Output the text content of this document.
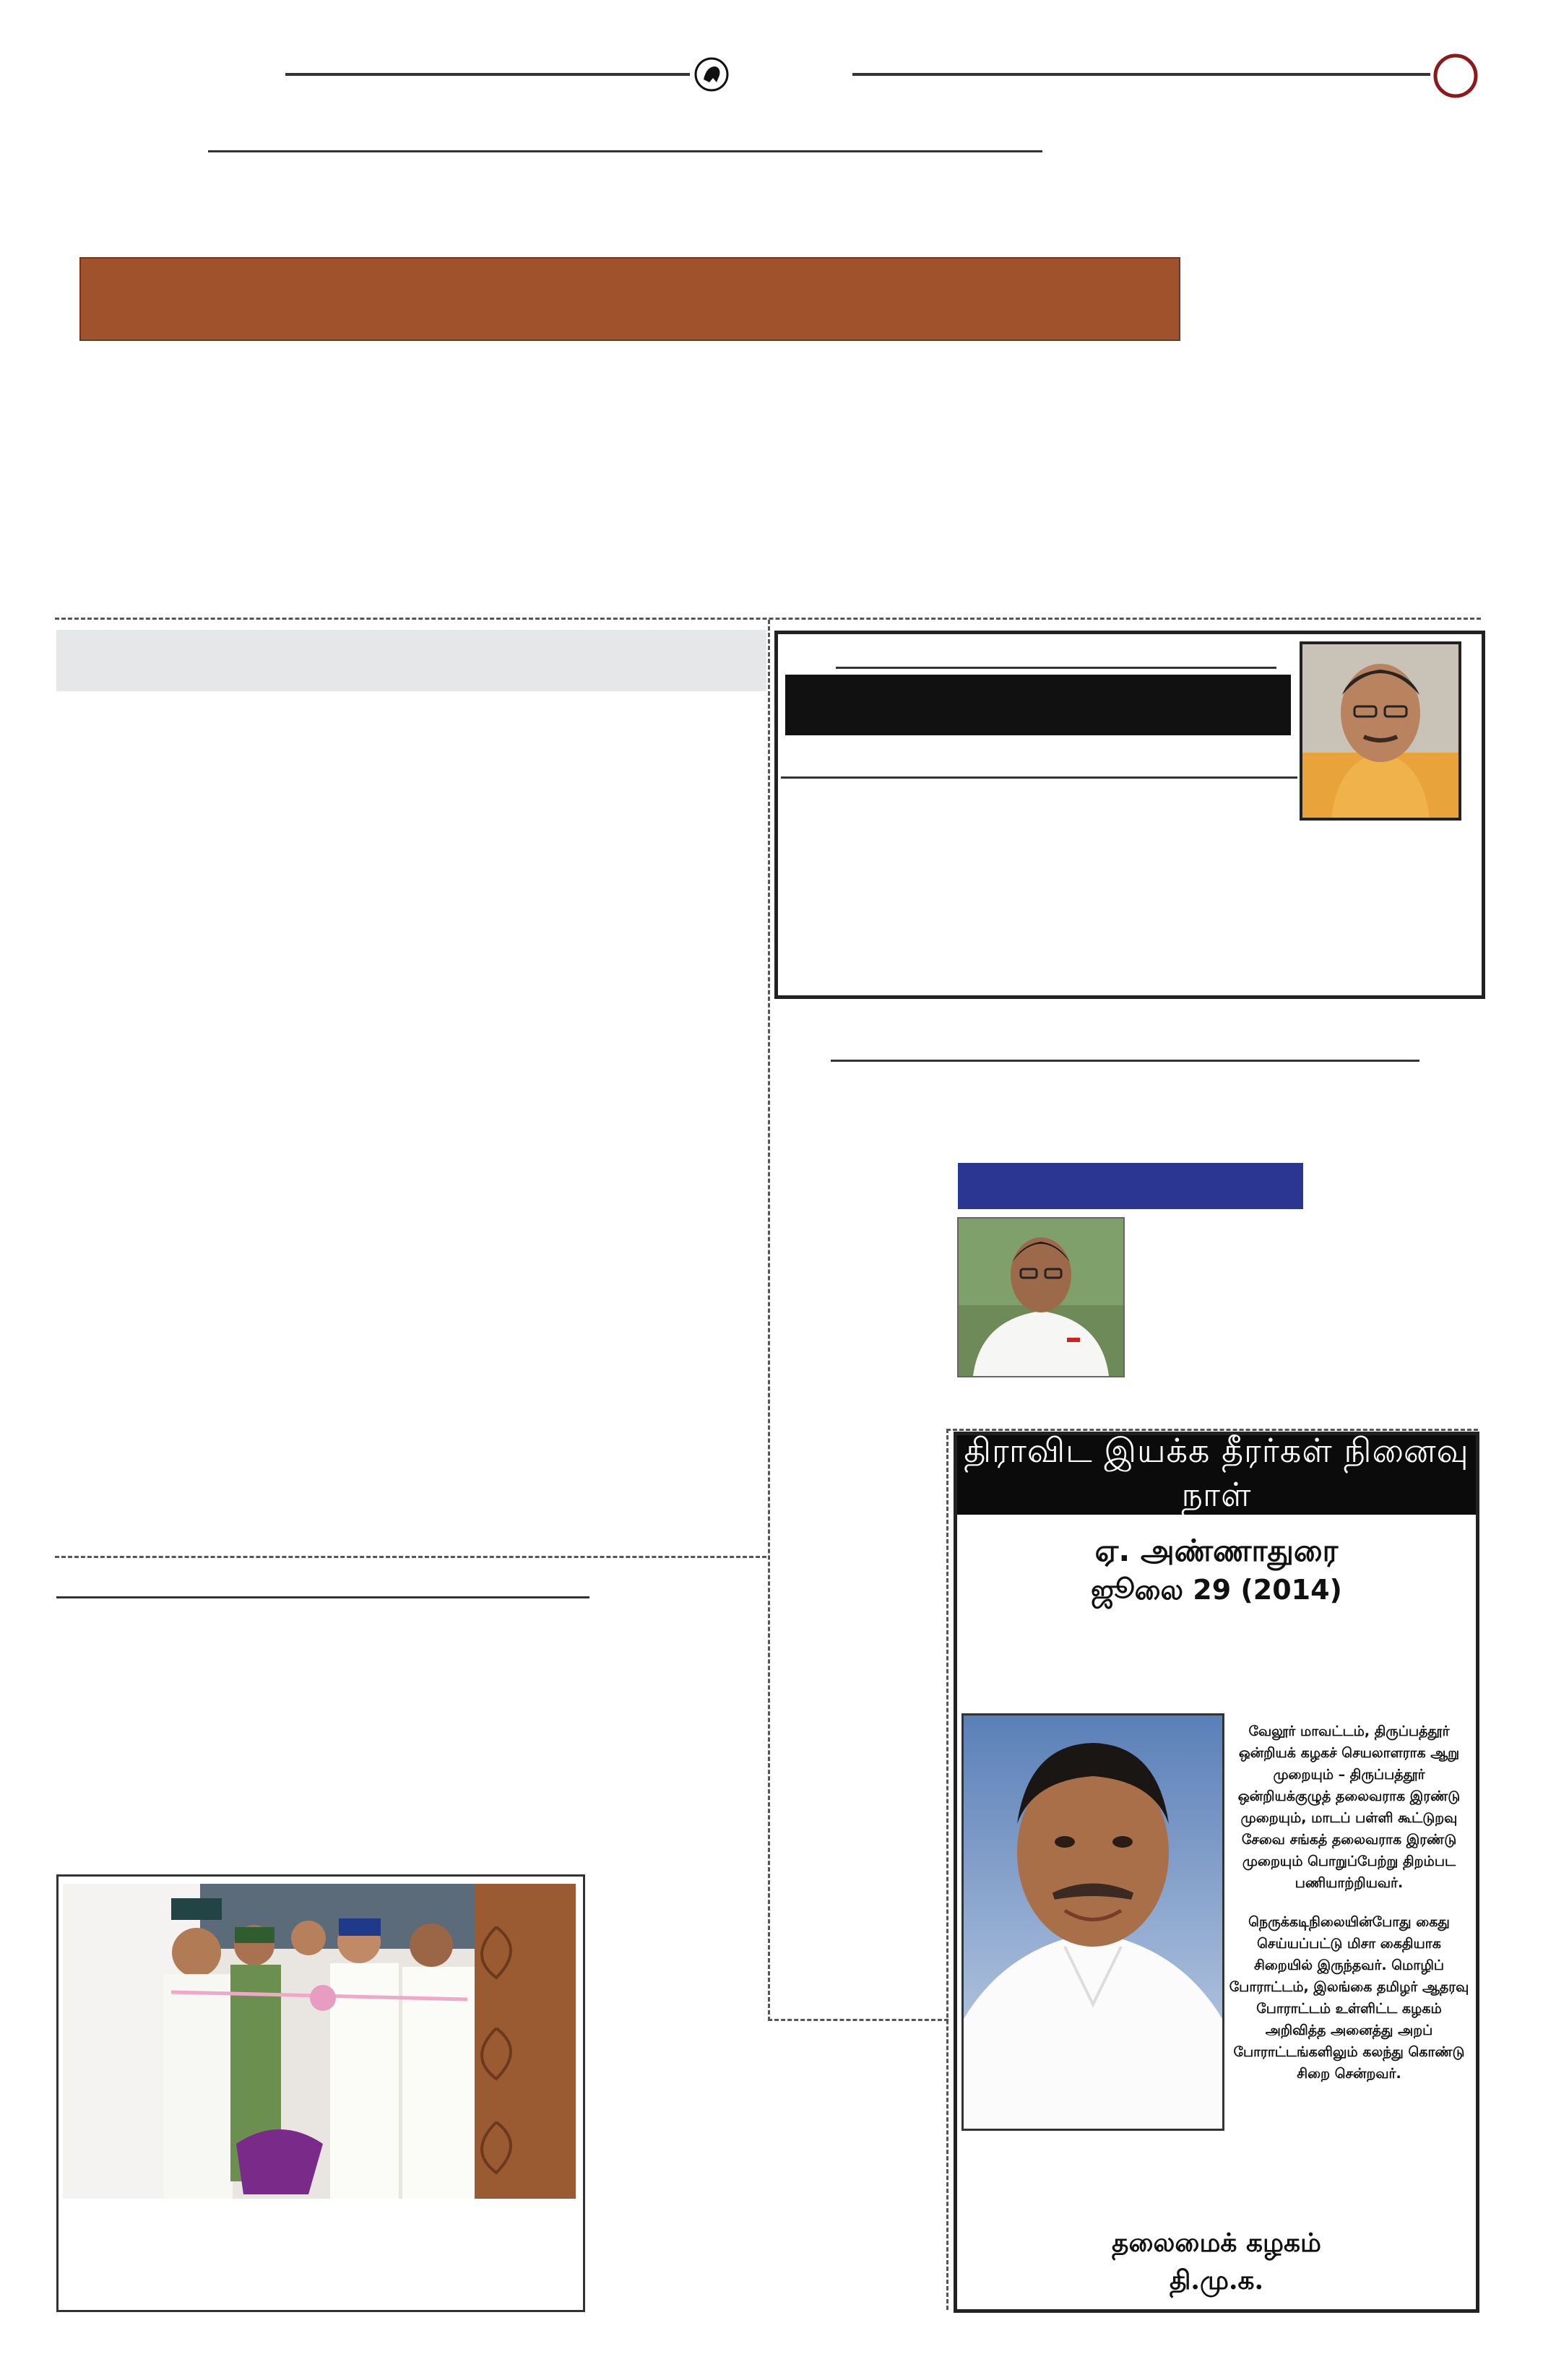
திராவிட இயக்க தீரர்கள் நினைவு நாள்
ஏ. அண்ணாதுரை
ஜூலை 29 (2014)

வேலூர் மாவட்டம், திருப்பத்தூர் ஒன்றியக் கழகச் செயலாளராக ஆறு முறையும் – திருப்பத்தூர் ஒன்றியக்குழுத் தலைவராக இரண்டு முறையும், மாடப் பள்ளி கூட்டுறவு சேவை சங்கத் தலைவராக இரண்டு முறையும் பொறுப்பேற்று திறம்பட பணியாற்றியவர்.

நெருக்கடிநிலையின்போது கைது செய்யப்பட்டு மிசா கைதியாக சிறையில் இருந்தவர். மொழிப் போராட்டம், இலங்கை தமிழர் ஆதரவு போராட்டம் உள்ளிட்ட கழகம் அறிவித்த அனைத்து அறப் போராட்டங்களிலும் கலந்து கொண்டு சிறை சென்றவர்.

தலைமைக் கழகம்
தி.மு.க.
